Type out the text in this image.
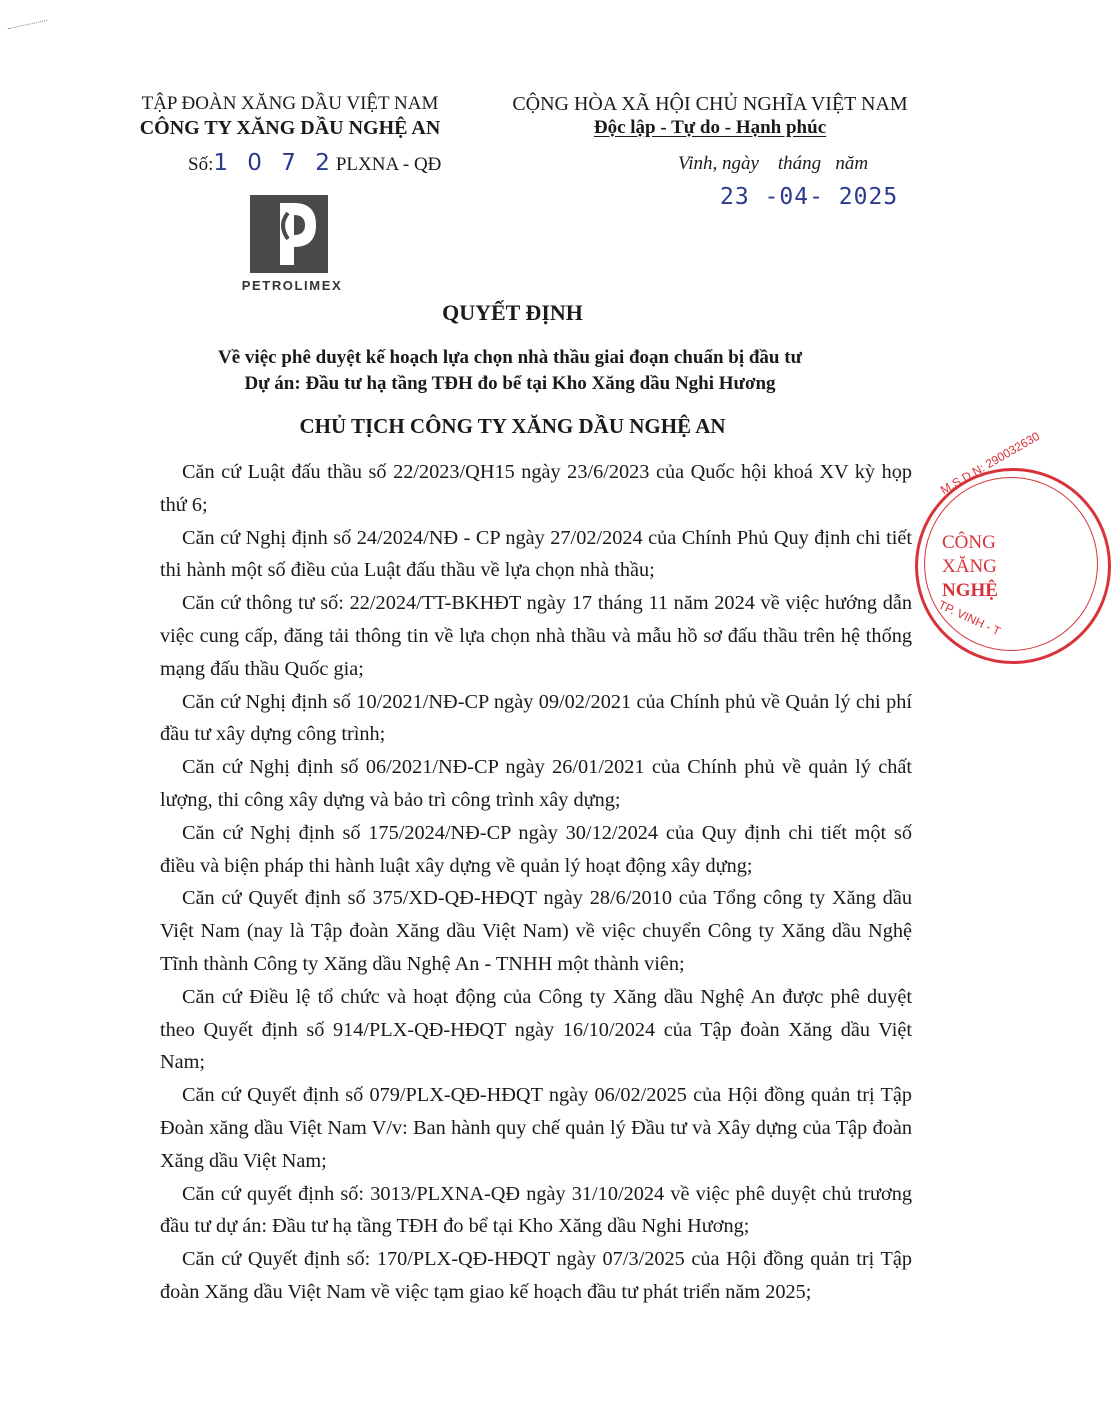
TẬP ĐOÀN XĂNG DẦU VIỆT NAM
CÔNG TY XĂNG DẦU NGHỆ AN
Số:1 0 7 2PLXNA - QĐ
CỘNG HÒA XÃ HỘI CHỦ NGHĨA VIỆT NAM
Độc lập - Tự do - Hạnh phúc
Vinh, ngày    tháng   năm
23 -04- 2025
PETROLIMEX
QUYẾT ĐỊNH
Về việc phê duyệt kế hoạch lựa chọn nhà thầu giai đoạn chuẩn bị đầu tư
Dự án: Đầu tư hạ tầng TĐH đo bể tại Kho Xăng dầu Nghi Hương
CHỦ TỊCH CÔNG TY XĂNG DẦU NGHỆ AN

Căn cứ Luật đấu thầu số 22/2023/QH15 ngày 23/6/2023 của Quốc hội khoá XV kỳ họp thứ 6;

Căn cứ Nghị định số 24/2024/NĐ - CP ngày 27/02/2024 của Chính Phủ Quy định chi tiết thi hành một số điều của Luật đấu thầu về lựa chọn nhà thầu;

Căn cứ thông tư số: 22/2024/TT-BKHĐT ngày 17 tháng 11 năm 2024 về việc hướng dẫn việc cung cấp, đăng tải thông tin về lựa chọn nhà thầu và mẫu hồ sơ đấu thầu trên hệ thống mạng đấu thầu Quốc gia;

Căn cứ Nghị định số 10/2021/NĐ-CP ngày 09/02/2021 của Chính phủ về Quản lý chi phí đầu tư xây dựng công trình;

Căn cứ Nghị định số 06/2021/NĐ-CP ngày 26/01/2021 của Chính phủ về quản lý chất lượng, thi công xây dựng và bảo trì công trình xây dựng;

Căn cứ Nghị định số 175/2024/NĐ-CP ngày 30/12/2024 của Quy định chi tiết một số điều và biện pháp thi hành luật xây dựng về quản lý hoạt động xây dựng;

Căn cứ Quyết định số 375/XD-QĐ-HĐQT ngày 28/6/2010 của Tổng công ty Xăng dầu Việt Nam (nay là Tập đoàn Xăng dầu Việt Nam) về việc chuyển Công ty Xăng dầu Nghệ Tĩnh thành Công ty Xăng dầu Nghệ An - TNHH một thành viên;

Căn cứ Điều lệ tổ chức và hoạt động của Công ty Xăng dầu Nghệ An được phê duyệt theo Quyết định số 914/PLX-QĐ-HĐQT ngày 16/10/2024 của Tập đoàn Xăng dầu Việt Nam;

Căn cứ Quyết định số 079/PLX-QĐ-HĐQT ngày 06/02/2025 của Hội đồng quản trị Tập Đoàn xăng dầu Việt Nam V/v: Ban hành quy chế quản lý Đầu tư và Xây dựng của Tập đoàn Xăng dầu Việt Nam;

Căn cứ quyết định số: 3013/PLXNA-QĐ ngày 31/10/2024 về việc phê duyệt chủ trương đầu tư dự án: Đầu tư hạ tầng TĐH đo bể tại Kho Xăng dầu Nghi Hương;

Căn cứ Quyết định số: 170/PLX-QĐ-HĐQT ngày 07/3/2025 của Hội đồng quản trị Tập đoàn Xăng dầu Việt Nam về việc tạm giao kế hoạch đầu tư phát triển năm 2025;

M.S.D.N: 290032630
TP. VINH - T
CÔNG
XĂNG
NGHỆ
